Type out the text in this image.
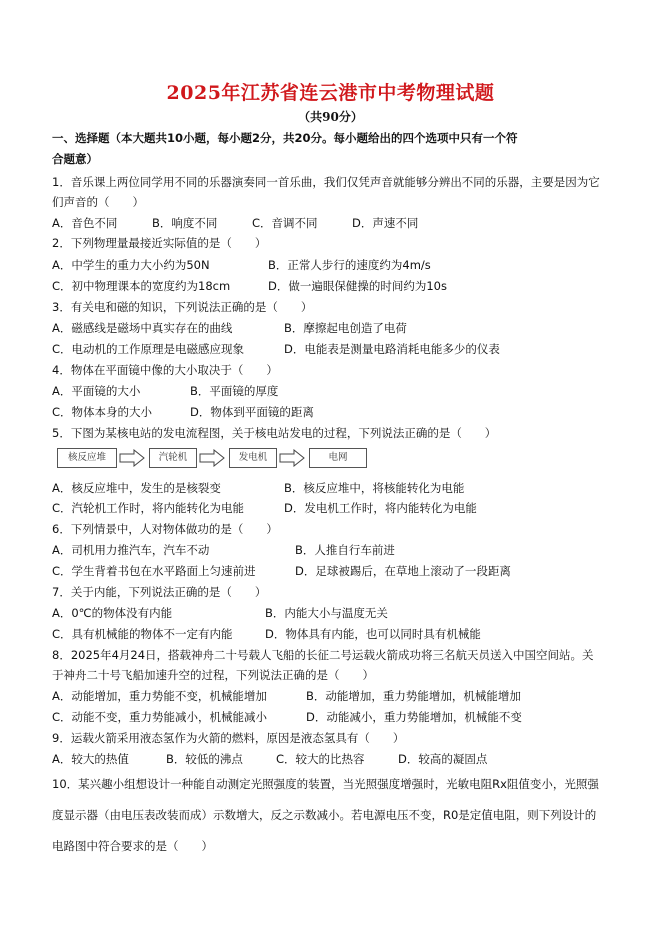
2025年江苏省连云港市中考物理试题
（共90分）
一、选择题（本大题共10小题，每小题2分，共20分。每小题给出的四个选项中只有一个符
合题意）
1．音乐课上两位同学用不同的乐器演奏同一首乐曲，我们仅凭声音就能够分辨出不同的乐器，主要是因为它
们声音的（　　）
A．音色不同	B．响度不同	C．音调不同	D．声速不同
2．下列物理量最接近实际值的是（　　）
A．中学生的重力大小约为50N	B．正常人步行的速度约为4m/s
C．初中物理课本的宽度约为18cm	D．做一遍眼保健操的时间约为10s
3．有关电和磁的知识，下列说法正确的是（　　）
A．磁感线是磁场中真实存在的曲线	B．摩擦起电创造了电荷
C．电动机的工作原理是电磁感应现象	D．电能表是测量电路消耗电能多少的仪表
4．物体在平面镜中像的大小取决于（　　）
A．平面镜的大小	B．平面镜的厚度
C．物体本身的大小	D．物体到平面镜的距离
5．下图为某核电站的发电流程图，关于核电站发电的过程，下列说法正确的是（　　）
核反应堆	汽轮机	发电机	电网
A．核反应堆中，发生的是核裂变	B．核反应堆中，将核能转化为电能
C．汽轮机工作时，将内能转化为电能	D．发电机工作时，将内能转化为电能
6．下列情景中，人对物体做功的是（　　）
A．司机用力推汽车，汽车不动	B．人推自行车前进
C．学生背着书包在水平路面上匀速前进	D．足球被踢后，在草地上滚动了一段距离
7．关于内能，下列说法正确的是（　　）
A．0℃的物体没有内能	B．内能大小与温度无关
C．具有机械能的物体不一定有内能	D．物体具有内能，也可以同时具有机械能
8．2025年4月24日，搭载神舟二十号载人飞船的长征二号运载火箭成功将三名航天员送入中国空间站。关
于神舟二十号飞船加速升空的过程，下列说法正确的是（　　）
A．动能增加，重力势能不变，机械能增加	B．动能增加，重力势能增加，机械能增加
C．动能不变，重力势能减小，机械能减小	D．动能减小，重力势能增加，机械能不变
9．运载火箭采用液态氢作为火箭的燃料，原因是液态氢具有（　　）
A．较大的热值	B．较低的沸点	C．较大的比热容	D．较高的凝固点
10．某兴趣小组想设计一种能自动测定光照强度的装置，当光照强度增强时，光敏电阻Rx阻值变小，光照强
度显示器（由电压表改装而成）示数增大，反之示数减小。若电源电压不变，R0是定值电阻，则下列设计的
电路图中符合要求的是（　　）
